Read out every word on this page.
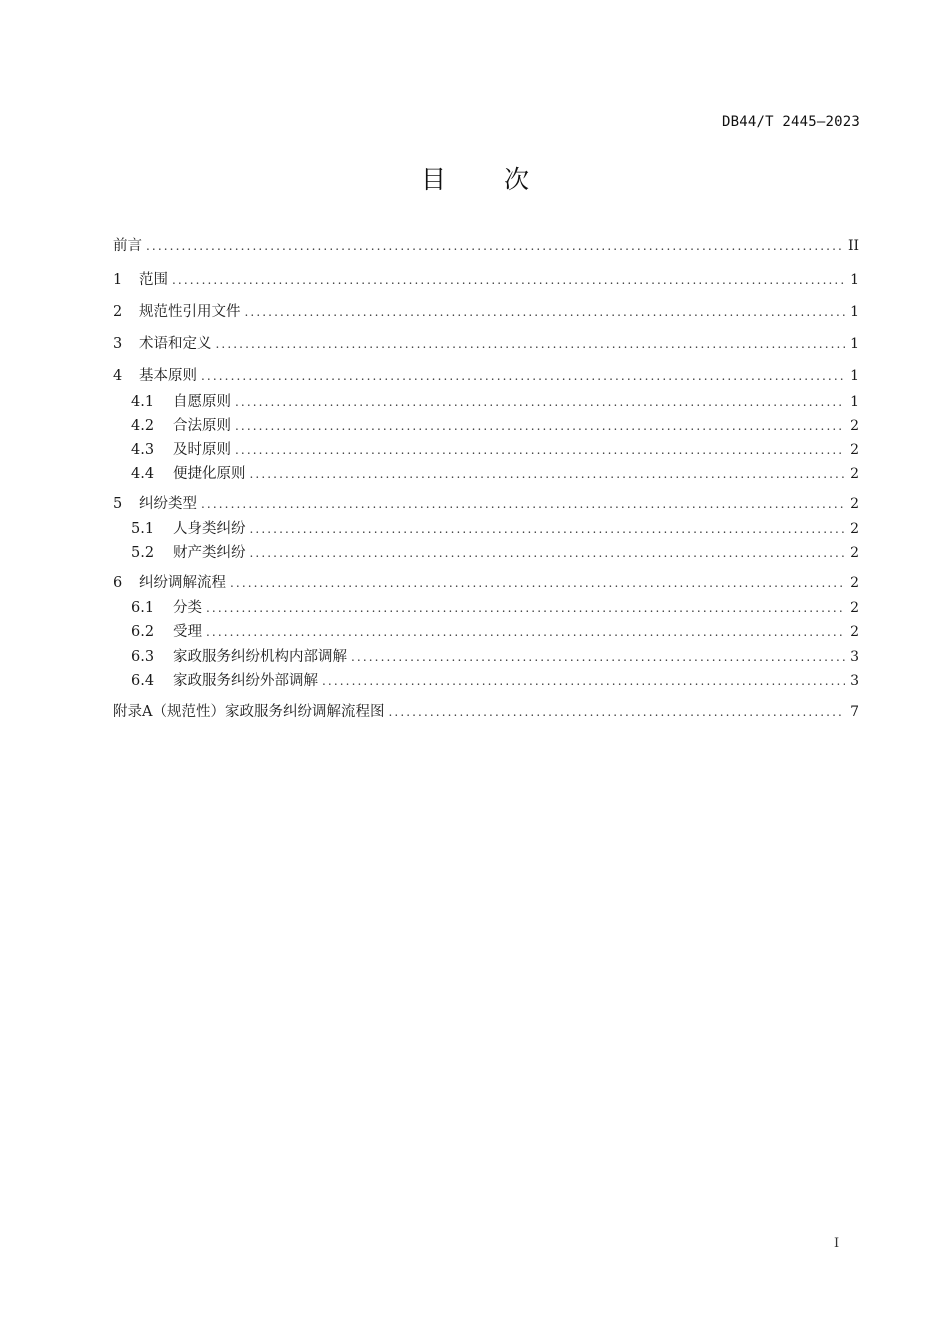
DB44/T 2445—2023
目 次
前言 .....	II
1	范围 .....	1
2	规范性引用文件 .....	1
3	术语和定义 .....	1
4	基本原则 .....	1
4.1	自愿原则 .....	1
4.2	合法原则 .....	2
4.3	及时原则 .....	2
4.4	便捷化原则 .....	2
5	纠纷类型 .....	2
5.1	人身类纠纷 .....	2
5.2	财产类纠纷 .....	2
6	纠纷调解流程 .....	2
6.1	分类 .....	2
6.2	受理 .....	2
6.3	家政服务纠纷机构内部调解 .....	3
6.4	家政服务纠纷外部调解 .....	3
附录A（规范性）家政服务纠纷调解流程图 .....	7
I
